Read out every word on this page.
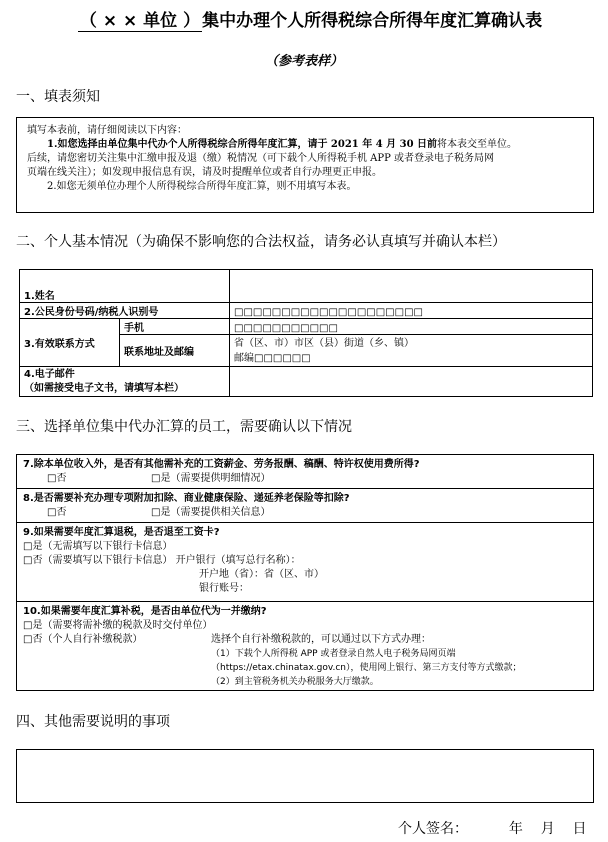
（ × × 单位 ） 集中办理个人所得税综合所得年度汇算确认表
（参考表样）
一、填表须知
填写本表前，请仔细阅读以下内容：
1.如您选择由单位集中代办个人所得税综合所得年度汇算，请于 2021 年 4 月 30 日前将本表交至单位。
后续，请您密切关注集中汇缴申报及退（缴）税情况（可下载个人所得税手机 APP 或者登录电子税务局网
页端在线关注）；如发现申报信息有误，请及时提醒单位或者自行办理更正申报。
2.如您无须单位办理个人所得税综合所得年度汇算，则不用填写本表。
二、个人基本情况（为确保不影响您的合法权益，请务必认真填写并确认本栏）
1.姓名		
2.公民身份号码/纳税人识别号		□□□□□□□□□□□□□□□□□□□□
3.有效联系方式	手机	□□□□□□□□□□□
	联系地址及邮编	省（区、市）市区（县）街道（乡、镇）
邮编□□□□□□

4.电子邮件
（如需接受电子文书，请填写本栏）		

三、选择单位集中代办汇算的员工，需要确认以下情况
7.除本单位收入外，是否有其他需补充的工资薪金、劳务报酬、稿酬、特许权使用费所得?
□否	□是（需要提供明细情况）
8.是否需要补充办理专项附加扣除、商业健康保险、递延养老保险等扣除?
□否	□是（需要提供相关信息）
9.如果需要年度汇算退税，是否退至工资卡?
□是（无需填写以下银行卡信息）
□否（需要填写以下银行卡信息） 开户银行（填写总行名称）：
开户地（省）：省（区、市）
银行账号：
10.如果需要年度汇算补税，是否由单位代为一并缴纳?
□是（需要将需补缴的税款及时交付单位）
□否（个人自行补缴税款）	选择个自行补缴税款的，可以通过以下方式办理：
（1）下载个人所得税 APP 或者登录自然人电子税务局网页端
（https://etax.chinatax.gov.cn），使用网上银行、第三方支付等方式缴款；
（2）到主管税务机关办税服务大厅缴款。
四、其他需要说明的事项
个人签名：	年    月    日
